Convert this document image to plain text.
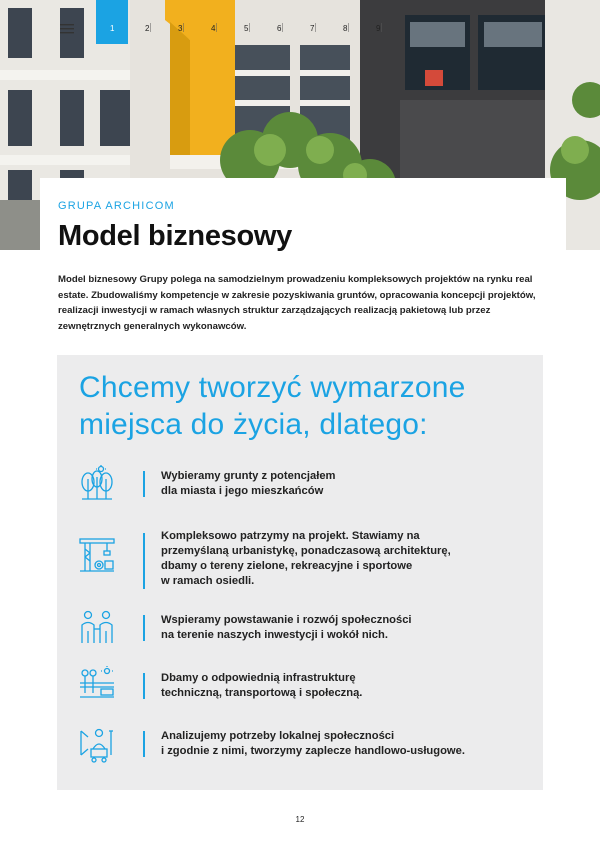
1	2	3	4	5	6	7	8	9
GRUPA ARCHICOM
Model biznesowy

Model biznesowy Grupy polega na samodzielnym prowadzeniu kompleksowych projektów na rynku real estate. Zbudowaliśmy kompetencje w zakresie pozyskiwania gruntów, opracowania koncepcji projektów, realizacji inwestycji w ramach własnych struktur zarządzających realizacją pakietową lub przez zewnętrznych generalnych wykonawców.

Chcemy tworzyć wymarzone
miejsca do życia, dlatego:
Wybieramy grunty z potencjałem
dla miasta i jego mieszkańców
Kompleksowo patrzymy na projekt. Stawiamy na
przemyślaną urbanistykę, ponadczasową architekturę,
dbamy o tereny zielone, rekreacyjne i sportowe
w ramach osiedli.
Wspieramy powstawanie i rozwój społeczności
na terenie naszych inwestycji i wokół nich.
Dbamy o odpowiednią infrastrukturę
techniczną, transportową i społeczną.
Analizujemy potrzeby lokalnej społeczności
i zgodnie z nimi, tworzymy zaplecze handlowo-usługowe.
12
